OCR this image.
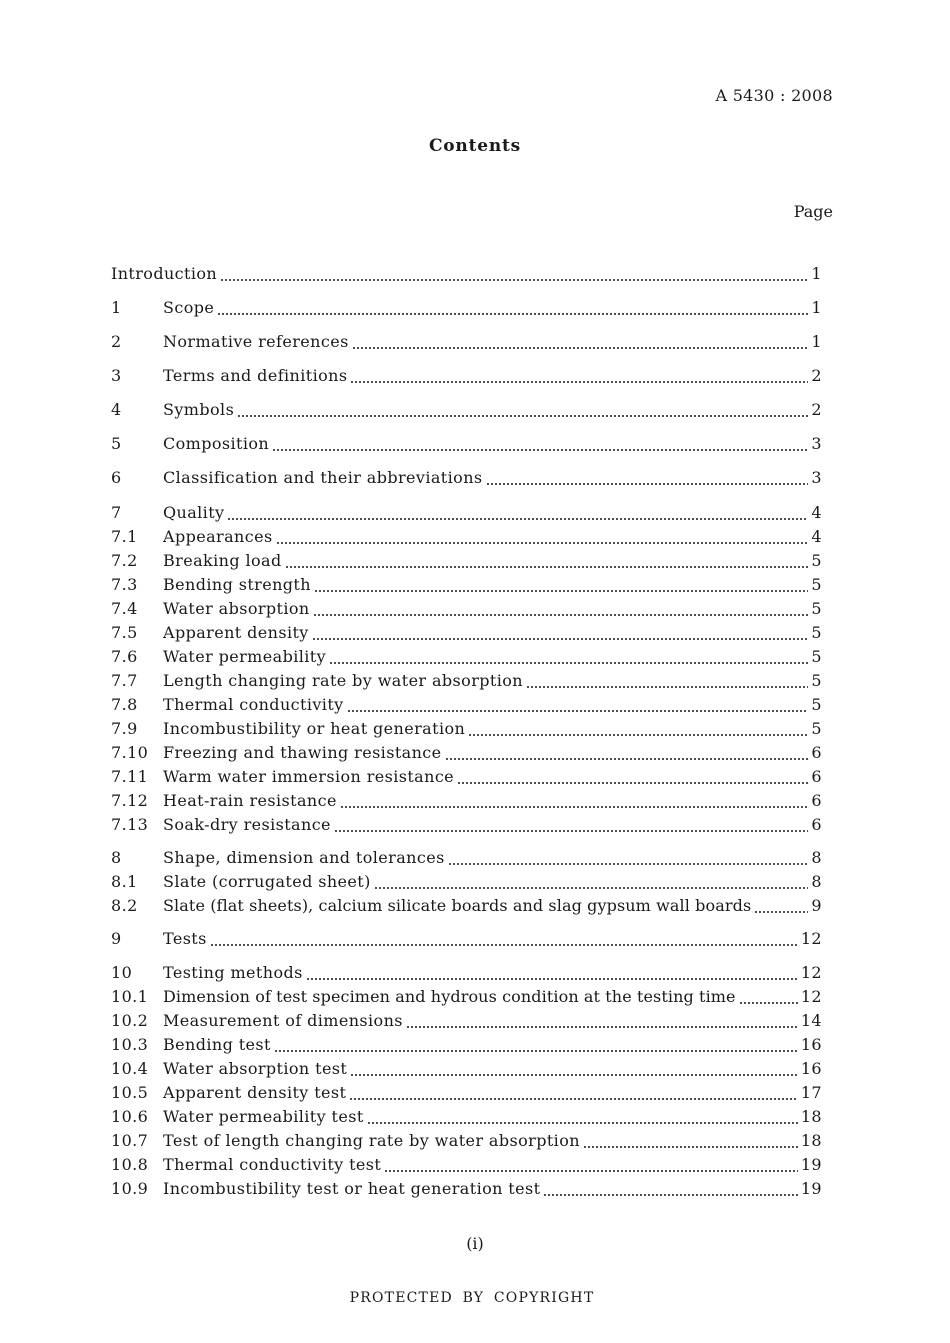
A 5430 : 2008
Contents
Page
Introduction	1
1	Scope	1
2	Normative references	1
3	Terms and definitions	2
4	Symbols	2
5	Composition	3
6	Classification and their abbreviations	3
7	Quality	4
7.1	Appearances	4
7.2	Breaking load	5
7.3	Bending strength	5
7.4	Water absorption	5
7.5	Apparent density	5
7.6	Water permeability	5
7.7	Length changing rate by water absorption	5
7.8	Thermal conductivity	5
7.9	Incombustibility or heat generation	5
7.10 Freezing and thawing resistance	6
7.11 Warm water immersion resistance	6
7.12 Heat-rain resistance	6
7.13 Soak-dry resistance	6
8	Shape, dimension and tolerances	8
8.1	Slate (corrugated sheet)	8
8.2	Slate (flat sheets), calcium silicate boards and slag gypsum wall boards	9
9	Tests	12
10	Testing methods	12
10.1 Dimension of test specimen and hydrous condition at the testing time	12
10.2 Measurement of dimensions	14
10.3 Bending test	16
10.4 Water absorption test	16
10.5 Apparent density test	17
10.6 Water permeability test	18
10.7 Test of length changing rate by water absorption	18
10.8 Thermal conductivity test	19
10.9 Incombustibility test or heat generation test	19
(i)
PROTECTED BY COPYRIGHT
